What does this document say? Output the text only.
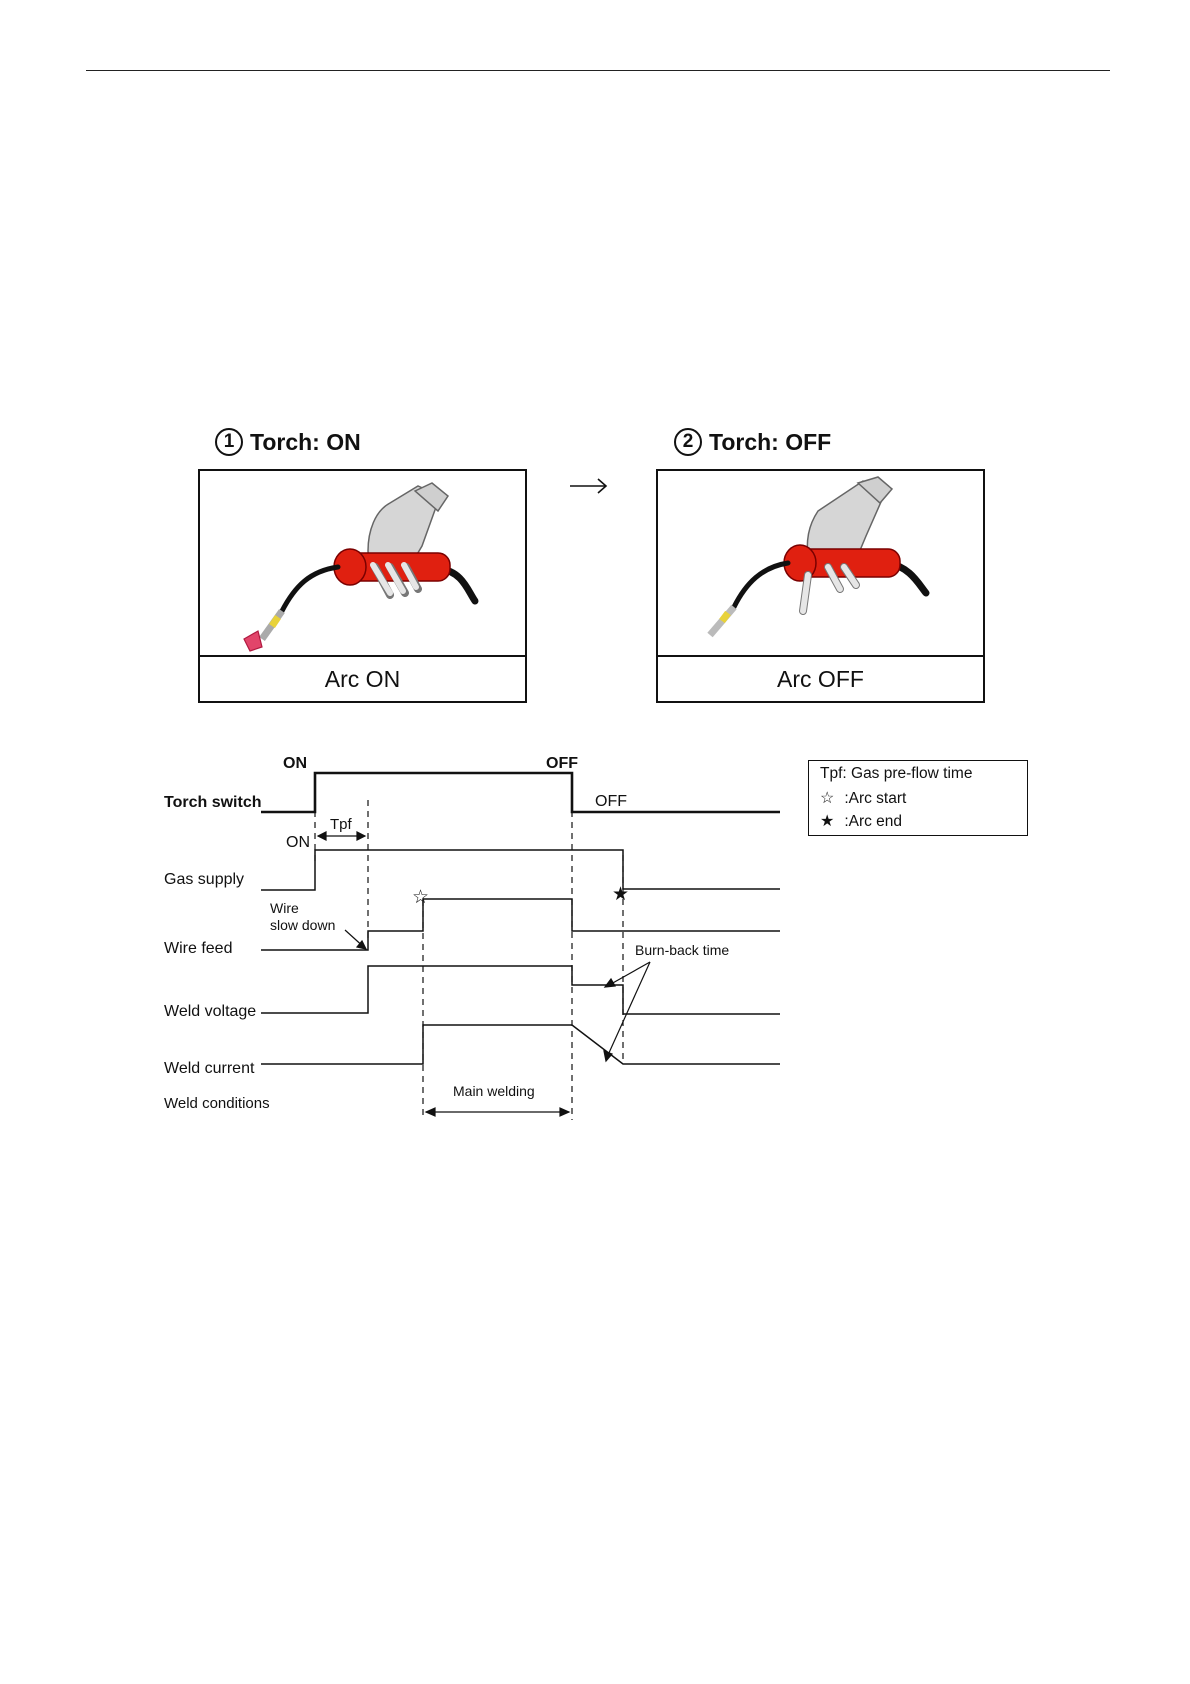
1 Torch: ON
Arc ON
2 Torch: OFF
Arc OFF
Torch switch
Gas supply
Wire feed
Weld voltage
Weld current
Weld conditions
ON	OFF
OFF
ON
Tpf
Wire
slow down
Burn-back time
Main welding
☆	★
Tpf: Gas pre-flow time
☆ :Arc start
★ :Arc end
